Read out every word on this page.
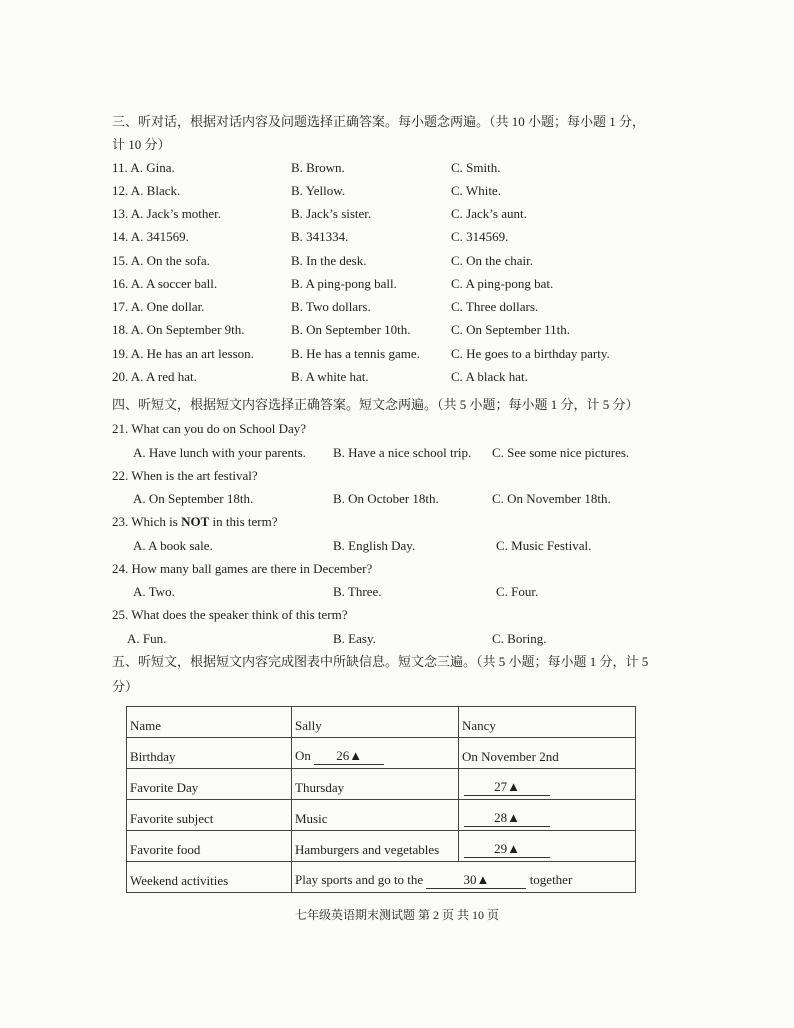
三、听对话，根据对话内容及问题选择正确答案。每小题念两遍。（共 10 小题；每小题 1 分，
计 10 分）
11. A. Gina.	B. Brown.	C. Smith.
12. A. Black.	B. Yellow.	C. White.
13. A. Jack’s mother.	B. Jack’s sister.	C. Jack’s aunt.
14. A. 341569.	B. 341334.	C. 314569.
15. A. On the sofa.	B. In the desk.	C. On the chair.
16. A. A soccer ball.	B. A ping-pong ball.	C. A ping-pong bat.
17. A. One dollar.	B. Two dollars.	C. Three dollars.
18. A. On September 9th.	B. On September 10th.	C. On September 11th.
19. A. He has an art lesson.	B. He has a tennis game. C. He goes to a birthday party.
20. A. A red hat.	B. A white hat.	C. A black hat.
四、听短文，根据短文内容选择正确答案。短文念两遍。（共 5 小题；每小题 1 分，计 5 分）
21. What can you do on School Day?
A. Have lunch with your parents. B. Have a nice school trip. C. See some nice pictures.
22. When is the art festival?
A. On September 18th.	B. On October 18th.	C. On November 18th.
23. Which is NOT in this term?
A. A book sale.	B. English Day.	C. Music Festival.
24. How many ball games are there in December?
A. Two.	B. Three.	C. Four.
25. What does the speaker think of this term?
A. Fun.	B. Easy.	C. Boring.
五、听短文，根据短文内容完成图表中所缺信息。短文念三遍。（共 5 小题；每小题 1 分，计 5
分）
Name	Sally	Nancy
Birthday	On 26▲	On November 2nd
Favorite Day	Thursday	27▲
Favorite subject	Music	28▲
Favorite food	Hamburgers and vegetables	29▲
Weekend activities	Play sports and go to the 30▲ together	
七年级英语期末测试题 第 2 页 共 10 页
